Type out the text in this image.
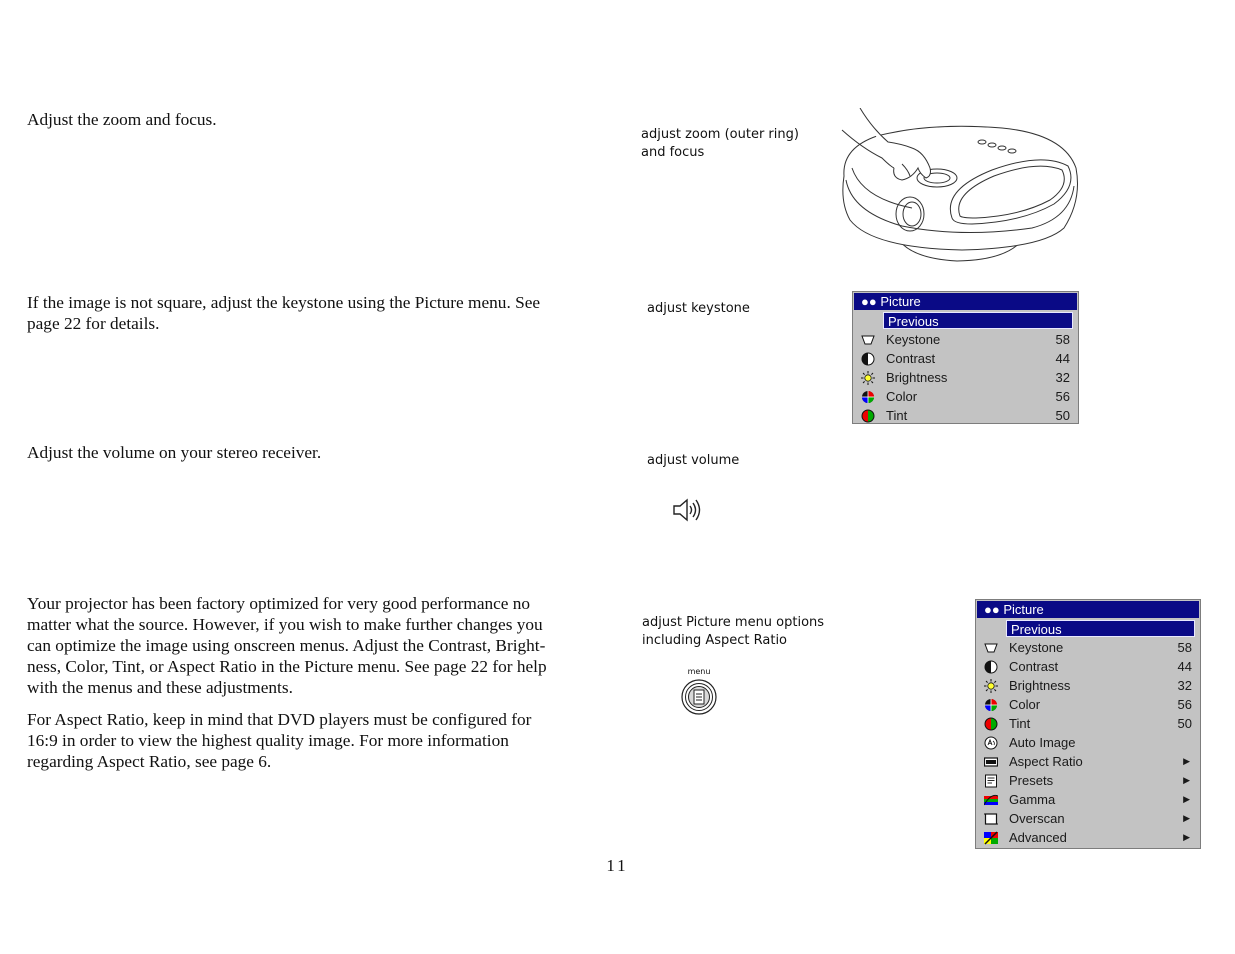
Adjust the zoom and focus.

adjust zoom (outer ring)
and focus
If the image is not square, adjust the keystone using the Picture menu. See
page 22 for details.
adjust keystone	●● Picture
Previous
Keystone	58
Contrast	44
Brightness	32
Color	56
Tint	50

Adjust the volume on your stereo receiver.	adjust volume
Your projector has been factory optimized for very good performance no
matter what the source. However, if you wish to make further changes you
can optimize the image using onscreen menus. Adjust the Contrast, Bright-
ness, Color, Tint, or Aspect Ratio in the Picture menu. See page 22 for help
with the menus and these adjustments.
For Aspect Ratio, keep in mind that DVD players must be configured for
16:9 in order to view the highest quality image. For more information
regarding Aspect Ratio, see page 6.
adjust Picture menu options
including Aspect Ratio
menu
●● Picture
Previous
Keystone	58
Contrast	44
Brightness	32
Color	56
Tint	50
Auto Image
Aspect Ratio	▶
Presets	▶
Gamma	▶
Overscan	▶
Advanced	▶
11
